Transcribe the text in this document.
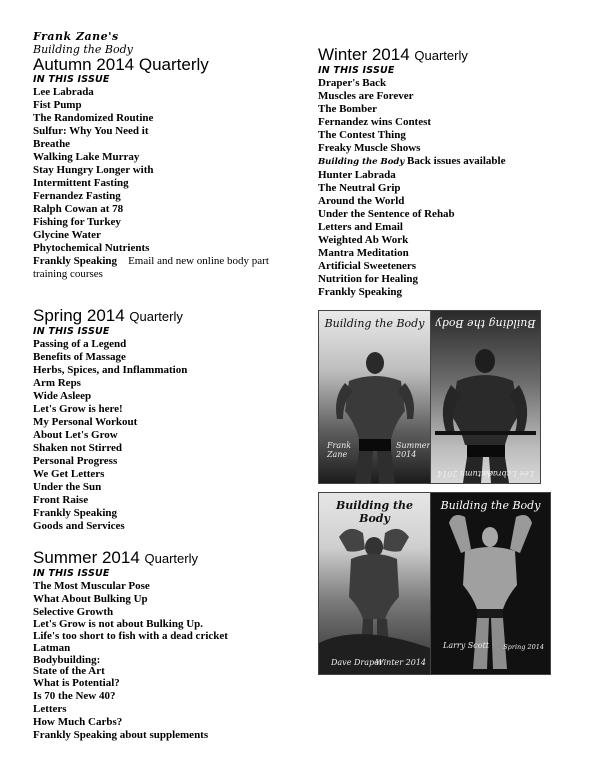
Frank Zane's
Building the Body
Autumn 2014 Quarterly
IN THIS ISSUE
Lee Labrada
Fist Pump
The Randomized Routine
Sulfur: Why You Need it
Breathe
Walking Lake Murray
Stay Hungry Longer with
Intermittent Fasting
Fernandez Fasting
Ralph Cowan at 78
Fishing for Turkey
Glycine Water
Phytochemical Nutrients
Frankly Speaking Email and new online body part
training courses
Spring 2014 Quarterly
IN THIS ISSUE
Passing of a Legend
Benefits of Massage
Herbs, Spices, and Inflammation
Arm Reps
Wide Asleep
Let's Grow is here!
My Personal Workout
About Let's Grow
Shaken not Stirred
Personal Progress
We Get Letters
Under the Sun
Front Raise
Frankly Speaking
Goods and Services
Summer 2014 Quarterly
IN THIS ISSUE
The Most Muscular Pose
What About Bulking Up
Selective Growth
Let's Grow is not about Bulking Up.
Life's too short to fish with a dead cricket
Latman
Bodybuilding:
State of the Art
What is Potential?
Is 70 the New 40?
Letters
How Much Carbs?
Frankly Speaking about supplements
Winter 2014 Quarterly
IN THIS ISSUE
Draper's Back
Muscles are Forever
The Bomber
Fernandez wins Contest
The Contest Thing
Freaky Muscle Shows
Building the Body Back issues available
Hunter Labrada
The Neutral Grip
Around the World
Under the Sentence of Rehab
Letters and Email
Weighted Ab Work
Mantra Meditation
Artificial Sweeteners
Nutrition for Healing
Frankly Speaking
Building the Body
Frank Zane
Summer 2014
Building the Body
Lee Labrada
Autumn 2014
Building the Body
Dave Draper
Winter 2014
Building the Body
Larry Scott Spring 2014
